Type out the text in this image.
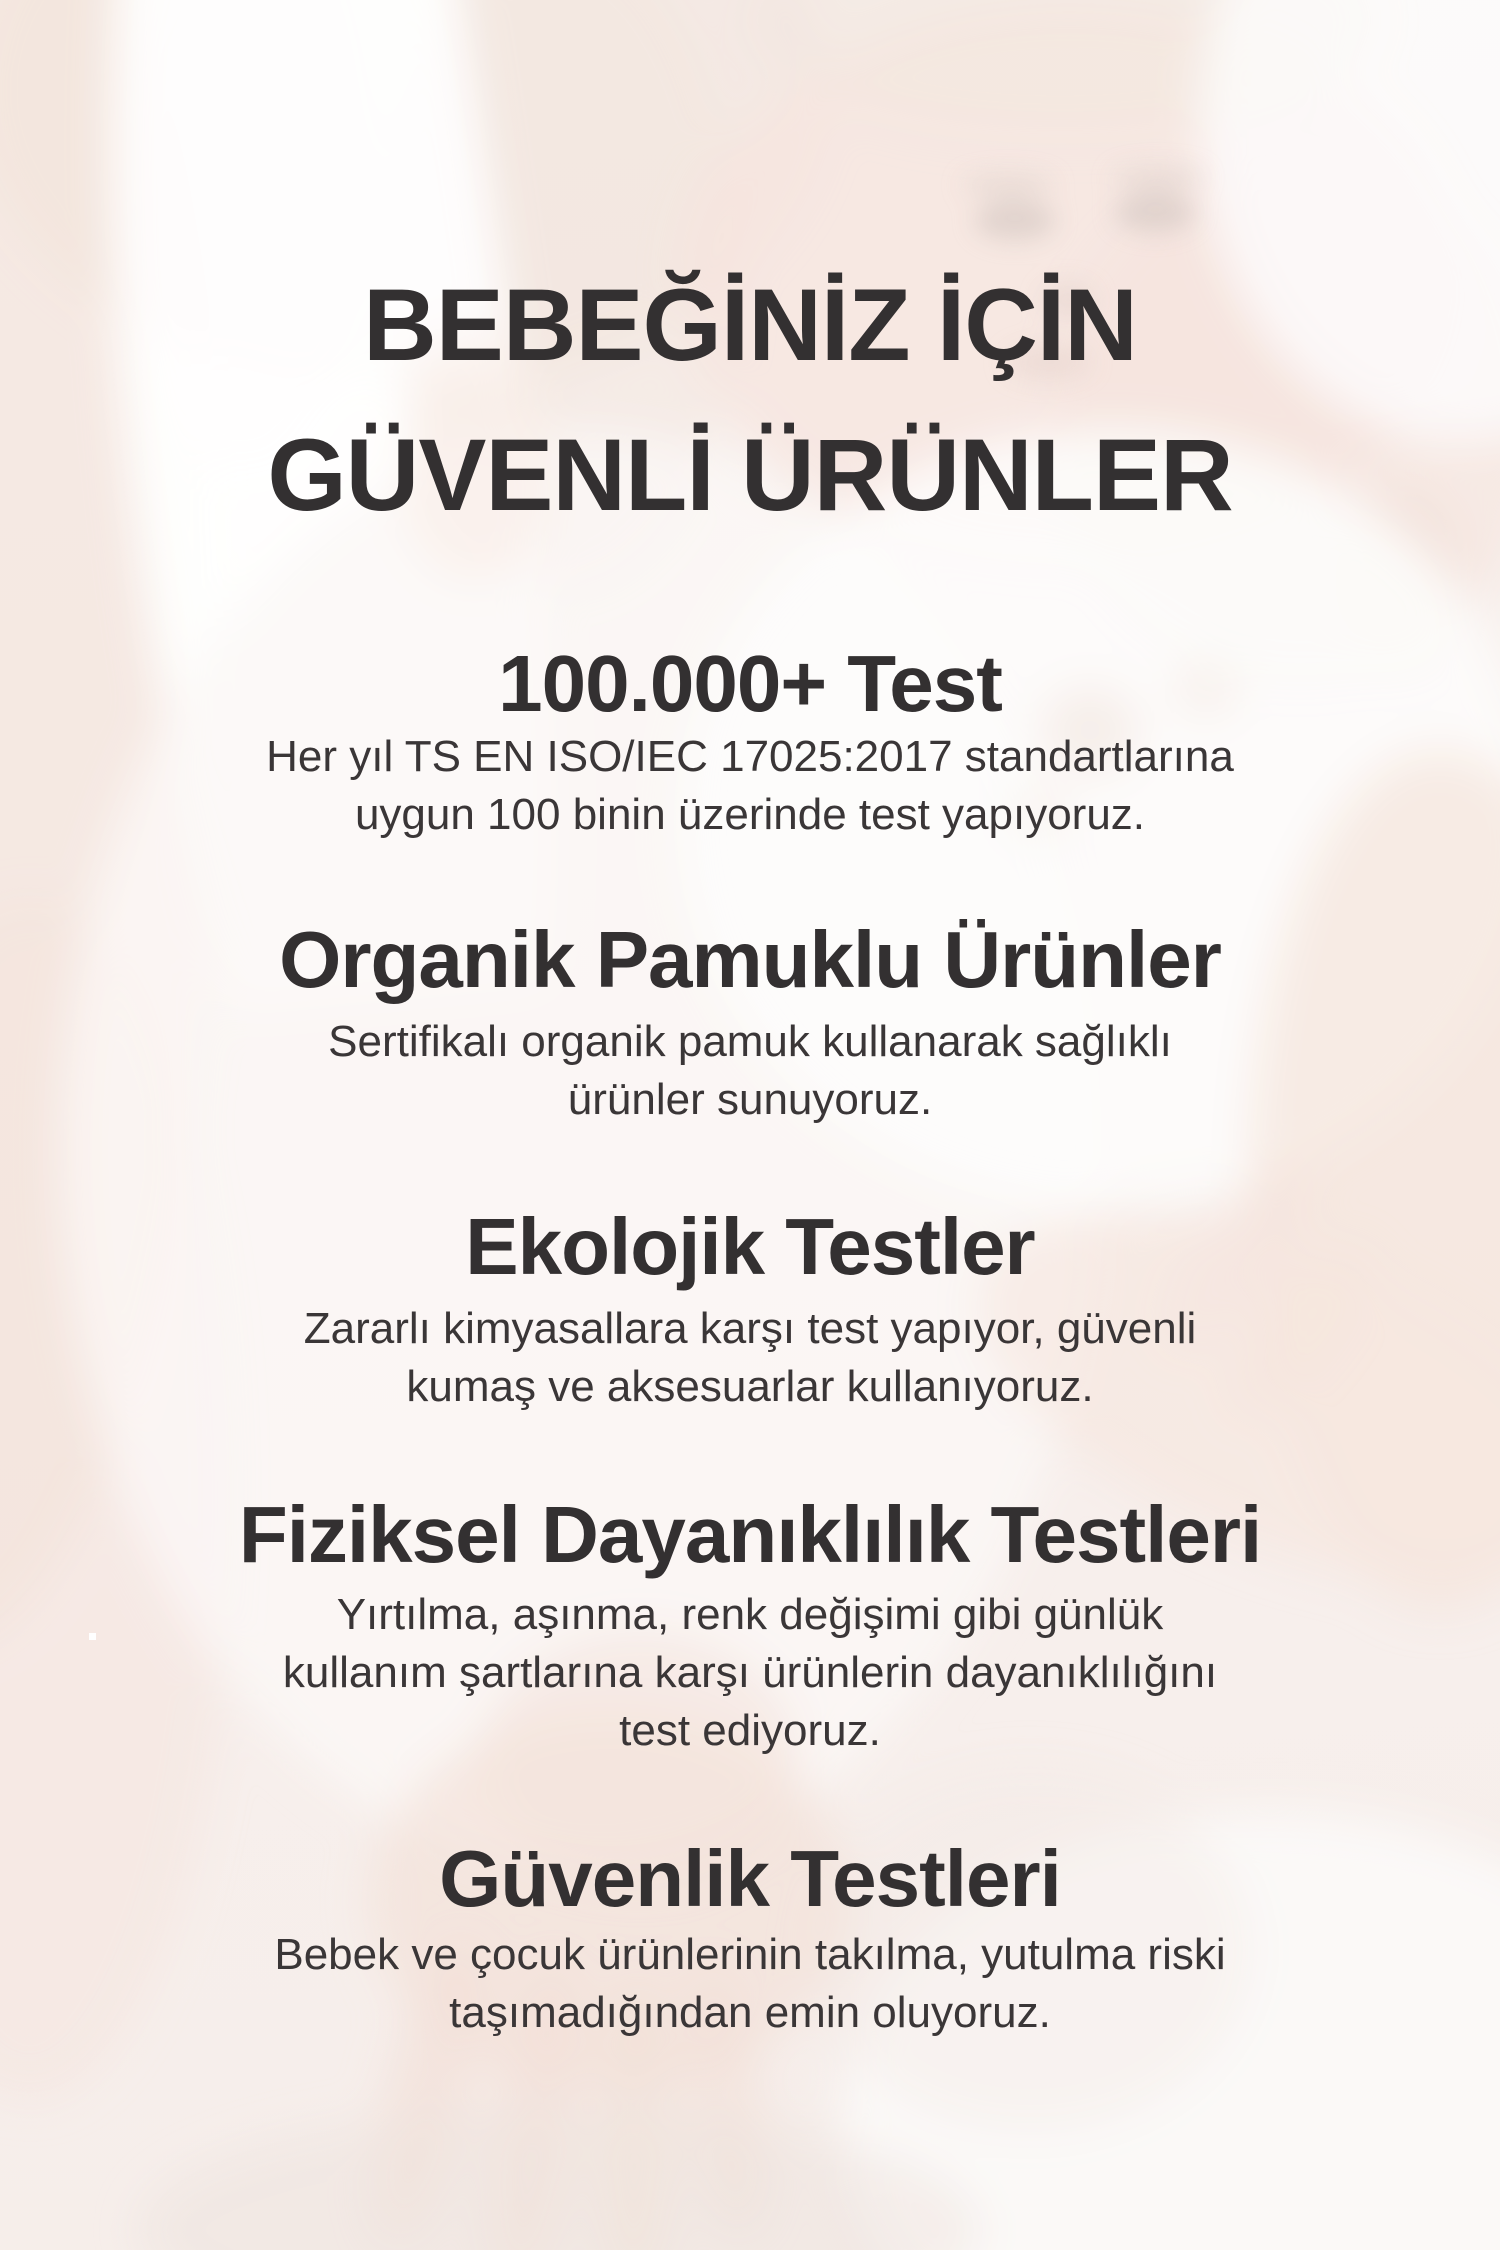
BEBEĞİNİZ İÇİN
GÜVENLİ ÜRÜNLER
100.000+ Test

Her yıl TS EN ISO/IEC 17025:2017 standartlarına
uygun 100 binin üzerinde test yapıyoruz.

Organik Pamuklu Ürünler

Sertifikalı organik pamuk kullanarak sağlıklı
ürünler sunuyoruz.

Ekolojik Testler

Zararlı kimyasallara karşı test yapıyor, güvenli
kumaş ve aksesuarlar kullanıyoruz.

Fiziksel Dayanıklılık Testleri

Yırtılma, aşınma, renk değişimi gibi günlük
kullanım şartlarına karşı ürünlerin dayanıklılığını
test ediyoruz.

Güvenlik Testleri

Bebek ve çocuk ürünlerinin takılma, yutulma riski
taşımadığından emin oluyoruz.
